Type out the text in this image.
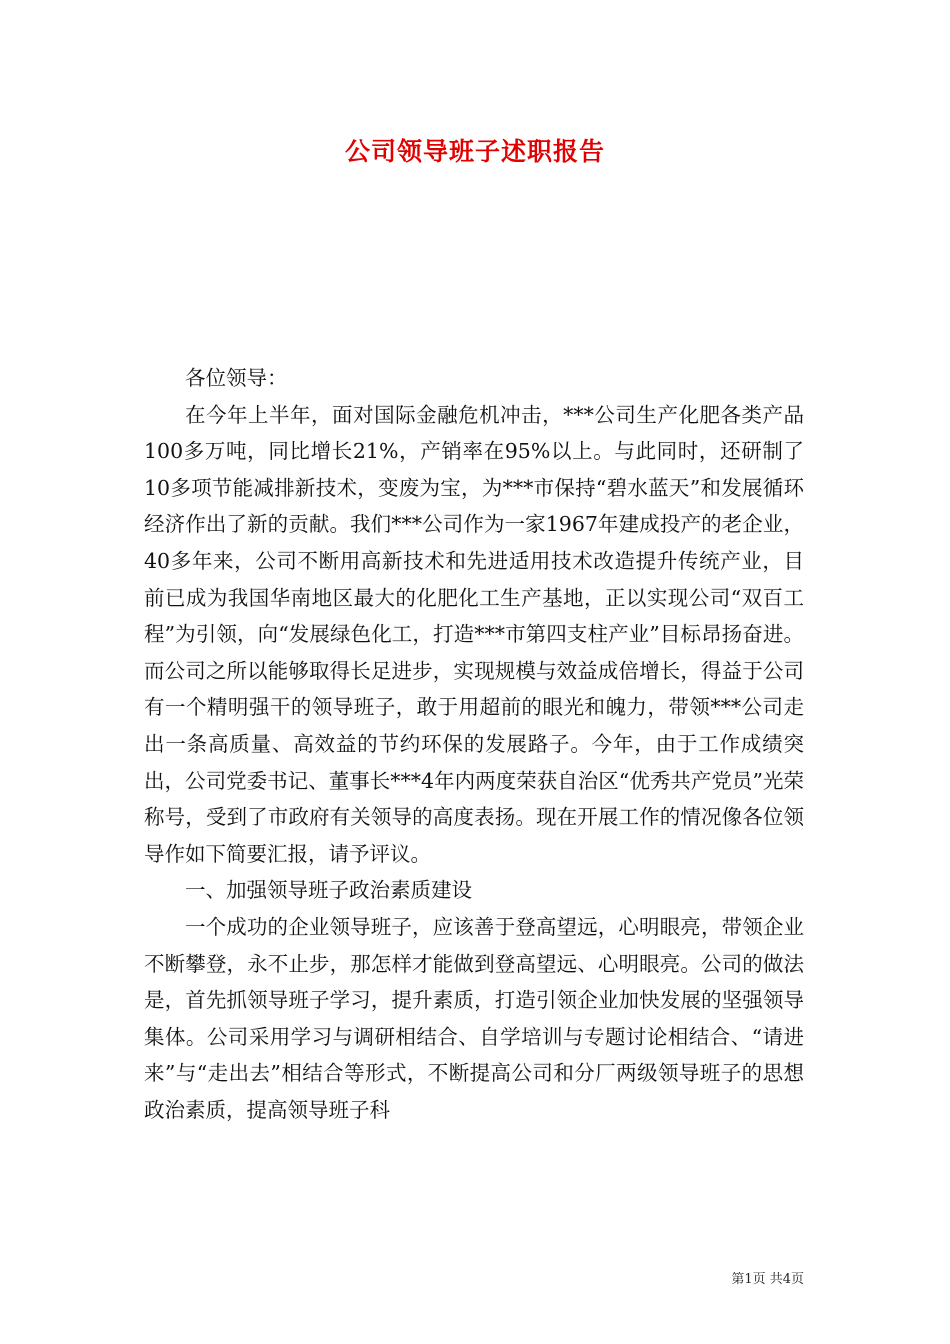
公司领导班子述职报告

各位领导：

在今年上半年，面对国际金融危机冲击，***公司生产化肥各类产品100多万吨，同比增长21%，产销率在95%以上。与此同时，还研制了10多项节能减排新技术，变废为宝，为***市保持“碧水蓝天”和发展循环经济作出了新的贡献。我们***公司作为一家1967年建成投产的老企业，40多年来，公司不断用高新技术和先进适用技术改造提升传统产业，目前已成为我国华南地区最大的化肥化工生产基地，正以实现公司“双百工程”为引领，向“发展绿色化工，打造***市第四支柱产业”目标昂扬奋进。而公司之所以能够取得长足进步，实现规模与效益成倍增长，得益于公司有一个精明强干的领导班子，敢于用超前的眼光和魄力，带领***公司走出一条高质量、高效益的节约环保的发展路子。今年，由于工作成绩突出，公司党委书记、董事长***4年内两度荣获自治区“优秀共产党员”光荣称号，受到了市政府有关领导的高度表扬。现在开展工作的情况像各位领导作如下简要汇报，请予评议。

一、加强领导班子政治素质建设

一个成功的企业领导班子，应该善于登高望远，心明眼亮，带领企业不断攀登，永不止步，那怎样才能做到登高望远、心明眼亮。公司的做法是，首先抓领导班子学习，提升素质，打造引领企业加快发展的坚强领导集体。公司采用学习与调研相结合、自学培训与专题讨论相结合、“请进来”与“走出去”相结合等形式，不断提高公司和分厂两级领导班子的思想政治素质，提高领导班子科

第1页 共4页
